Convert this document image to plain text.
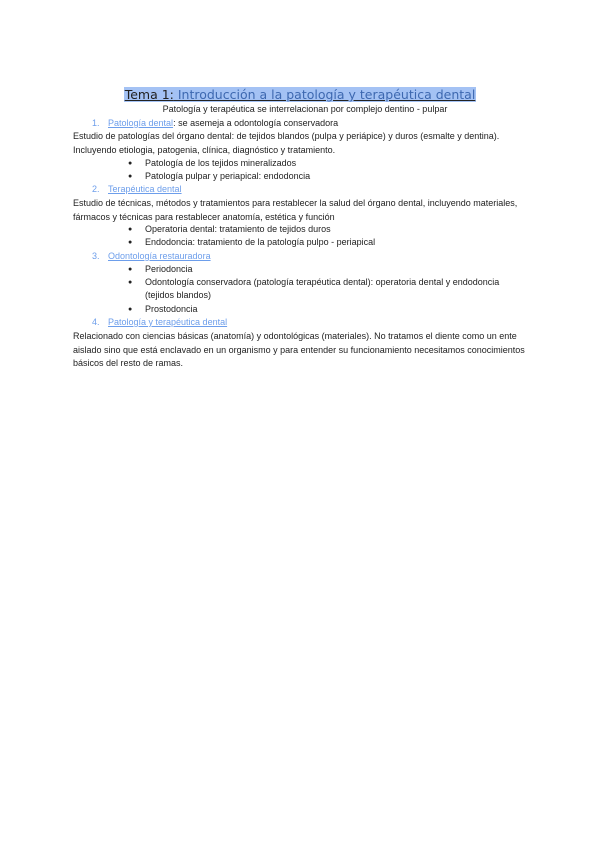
Tema 1: Introducción a la patología y terapéutica dental
Patología y terapéutica se interrelacionan por complejo dentino - pulpar
1. Patología dental: se asemeja a odontología conservadora
Estudio de patologías del órgano dental: de tejidos blandos (pulpa y periápice) y duros (esmalte y dentina). Incluyendo etiologia, patogenia, clínica, diagnóstico y tratamiento.
● Patología de los tejidos mineralizados
● Patología pulpar y periapical: endodoncia
2. Terapéutica dental
Estudio de técnicas, métodos y tratamientos para restablecer la salud del órgano dental, incluyendo materiales, fármacos y técnicas para restablecer anatomía, estética y función
● Operatoria dental: tratamiento de tejidos duros
● Endodoncia: tratamiento de la patología pulpo - periapical
3. Odontología restauradora
● Periodoncia
● Odontología conservadora (patología terapéutica dental): operatoria dental y endodoncia (tejidos blandos)
● Prostodoncia
4. Patología y terapéutica dental
Relacionado con ciencias básicas (anatomía) y odontológicas (materiales). No tratamos el diente como un ente aislado sino que está enclavado en un organismo y para entender su funcionamiento necesitamos conocimientos básicos del resto de ramas.
